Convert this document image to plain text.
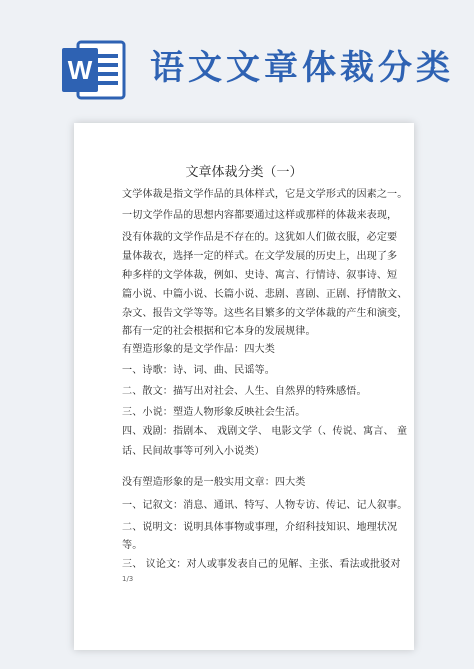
W 语文文章体裁分类
文章体裁分类（一）
文学体裁是指文学作品的具体样式，它是文学形式的因素之一。
一切文学作品的思想内容都要通过这样或那样的体裁来表现，
没有体裁的文学作品是不存在的。这犹如人们做衣服，必定要
量体裁衣，选择一定的样式。在文学发展的历史上，出现了多
种多样的文学体裁，例如、史诗、寓言、行情诗、叙事诗、短
篇小说、中篇小说、长篇小说、悲剧、喜剧、正剧、抒情散文、
杂文、报告文学等等。这些名目繁多的文学体裁的产生和演变，
都有一定的社会根据和它本身的发展规律。
有塑造形象的是文学作品：四大类
一、诗歌：诗、词、曲、民谣等。
二、散文：描写出对社会、人生、自然界的特殊感悟。
三、小说：塑造人物形象反映社会生活。
四、戏剧：指剧本、 戏剧文学、 电影文学（、传说、寓言、 童
话、民间故事等可列入小说类）
没有塑造形象的是一般实用文章：四大类
一、记叙文：消息、通讯、特写、人物专访、传记、记人叙事。
二、说明文：说明具体事物或事理，介绍科技知识、地理状况
等。
三、 议论文：对人或事发表自己的见解、主张、看法或批驳对
1/3
